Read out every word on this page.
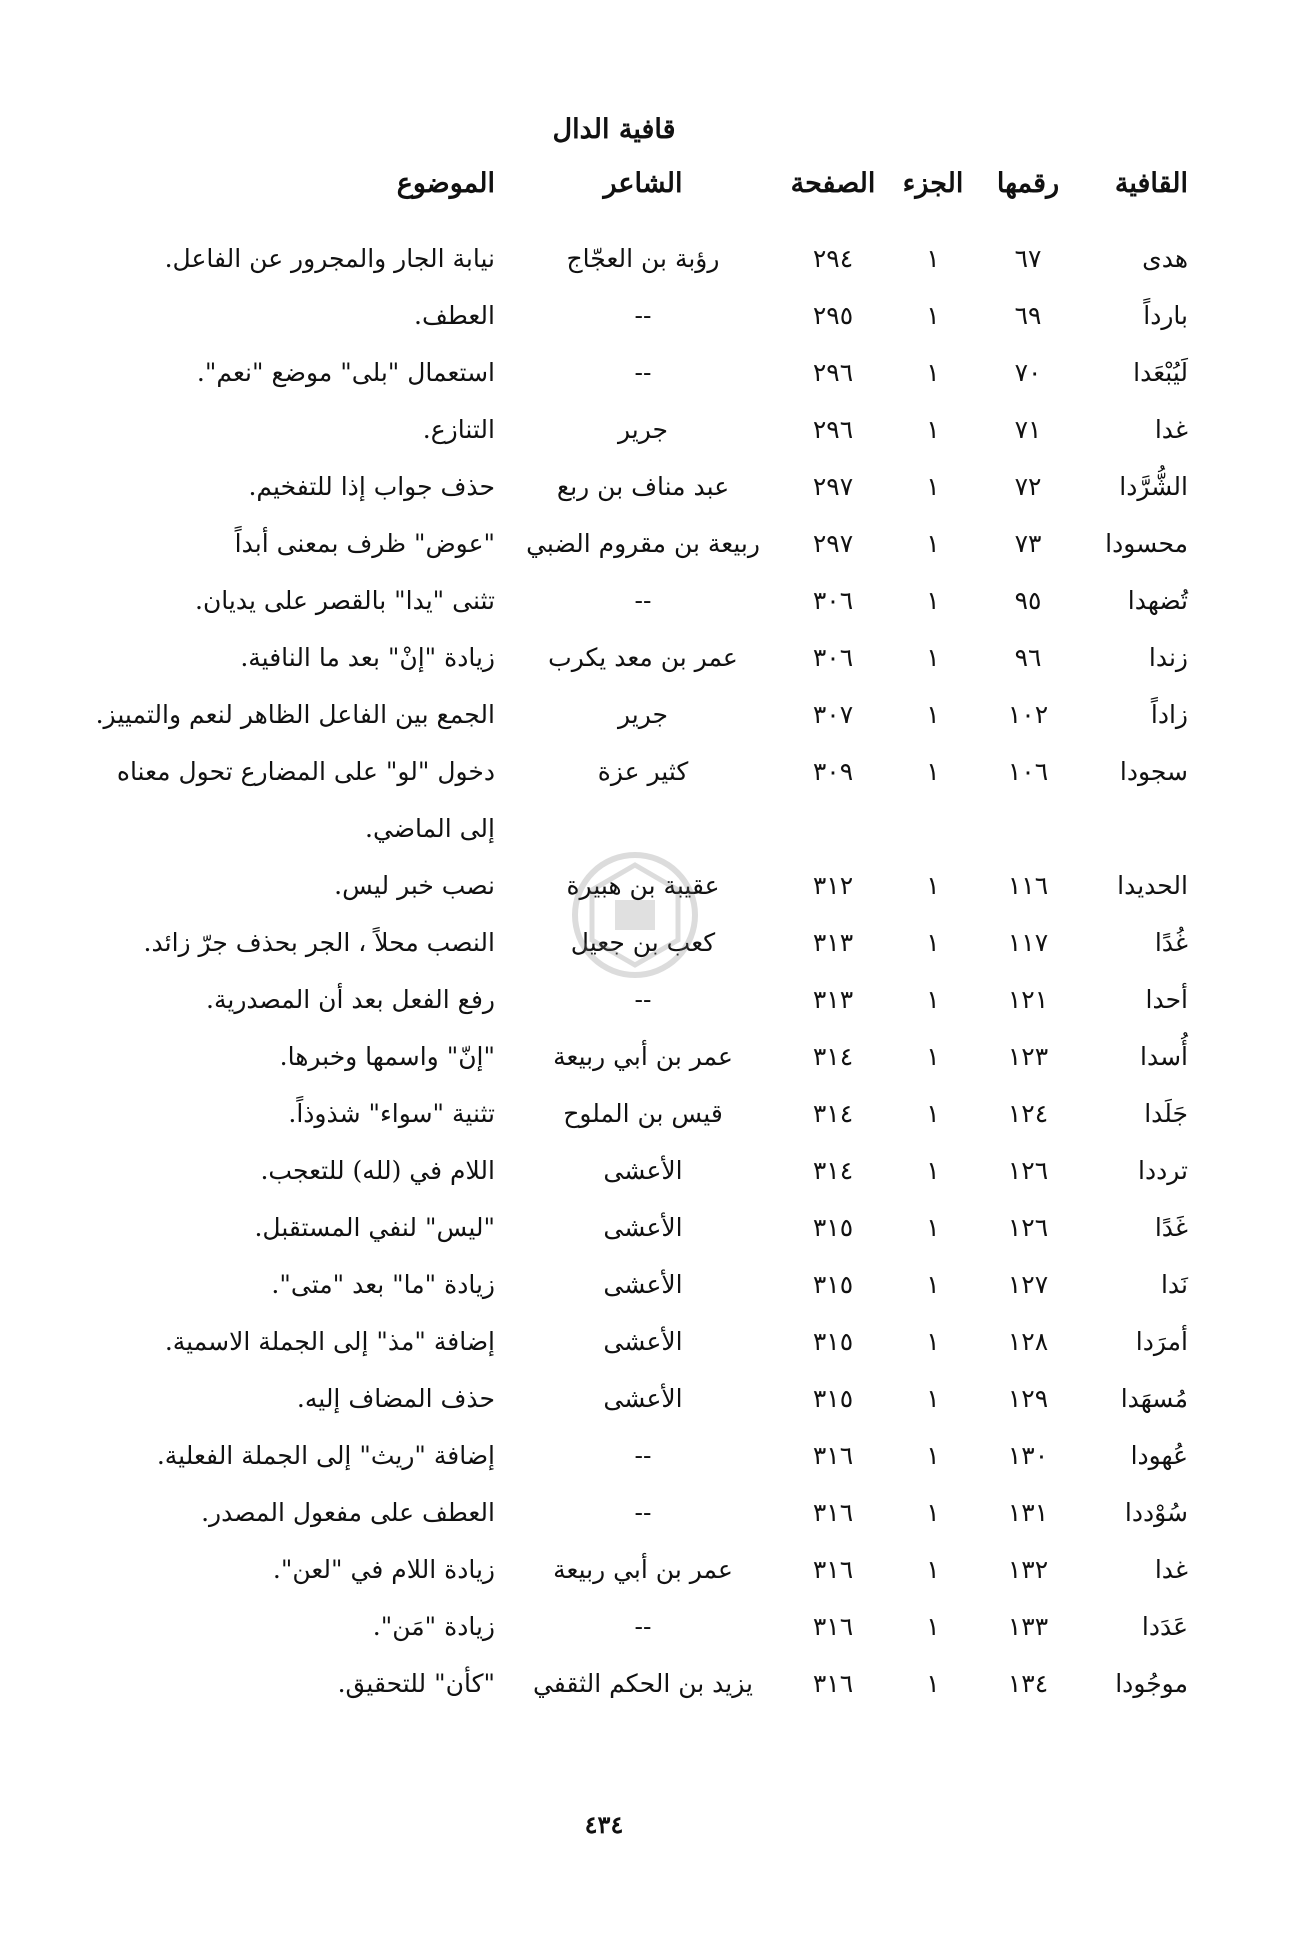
قافية الدال
القافية	رقمها	الجزء	الصفحة	الشاعر	الموضوع
هدى	٦٧	١	٢٩٤	رؤبة بن العجّاج	نيابة الجار والمجرور عن الفاعل.
بارداً	٦٩	١	٢٩٥	--	العطف.
لَيُبْعَدا	٧٠	١	٢٩٦	--	استعمال "بلى" موضع "نعم".
غدا	٧١	١	٢٩٦	جرير	التنازع.
الشُّرَّدا	٧٢	١	٢٩٧	عبد مناف بن ربع	حذف جواب إذا للتفخيم.
محسودا	٧٣	١	٢٩٧	ربيعة بن مقروم الضبي	"عوض" ظرف بمعنى أبداً
تُضهدا	٩٥	١	٣٠٦	--	تثنى "يدا" بالقصر على يديان.
زندا	٩٦	١	٣٠٦	عمر بن معد يكرب	زيادة "إنْ" بعد ما النافية.
زاداً	١٠٢	١	٣٠٧	جرير	الجمع بين الفاعل الظاهر لنعم والتمييز.
سجودا	١٠٦	١	٣٠٩	كثير عزة	دخول "لو" على المضارع تحول معناه إلى الماضي.
الحديدا	١١٦	١	٣١٢	عقيبة بن هبيرة	نصب خبر ليس.
غُدًا	١١٧	١	٣١٣	كعب بن جعيل	النصب محلاً ، الجر بحذف جرّ زائد.
أحدا	١٢١	١	٣١٣	--	رفع الفعل بعد أن المصدرية.
أُسدا	١٢٣	١	٣١٤	عمر بن أبي ربيعة	"إنّ" واسمها وخبرها.
جَلَدا	١٢٤	١	٣١٤	قيس بن الملوح	تثنية "سواء" شذوذاً.
ترددا	١٢٦	١	٣١٤	الأعشى	اللام في (لله) للتعجب.
غَدًا	١٢٦	١	٣١٥	الأعشى	"ليس" لنفي المستقبل.
نَدا	١٢٧	١	٣١٥	الأعشى	زيادة "ما" بعد "متى".
أمرَدا	١٢٨	١	٣١٥	الأعشى	إضافة "مذ" إلى الجملة الاسمية.
مُسهَدا	١٢٩	١	٣١٥	الأعشى	حذف المضاف إليه.
عُهودا	١٣٠	١	٣١٦	--	إضافة "ريث" إلى الجملة الفعلية.
سُوْددا	١٣١	١	٣١٦	--	العطف على مفعول المصدر.
غدا	١٣٢	١	٣١٦	عمر بن أبي ربيعة	زيادة اللام في "لعن".
عَدَدا	١٣٣	١	٣١٦	--	زيادة "مَن".
موجُودا	١٣٤	١	٣١٦	يزيد بن الحكم الثقفي	"كأن" للتحقيق.
٤٣٤
